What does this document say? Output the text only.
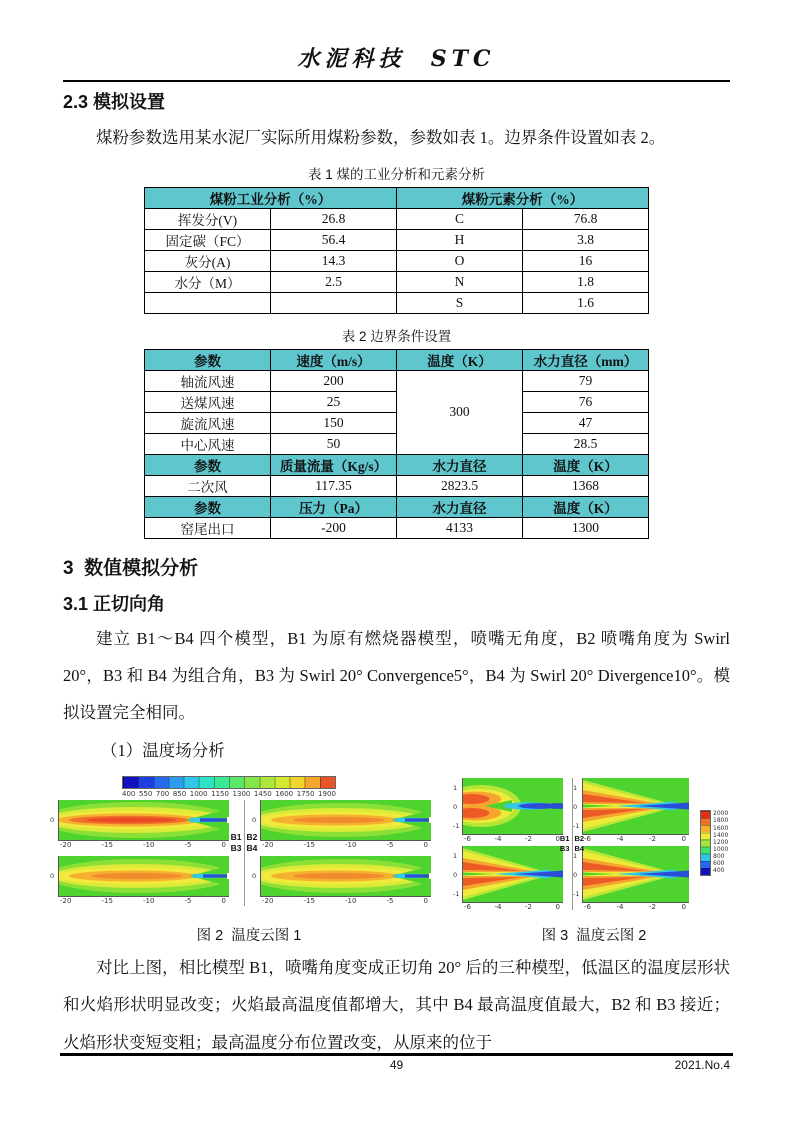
水泥科技  STC
2.3 模拟设置

煤粉参数选用某水泥厂实际所用煤粉参数，参数如表 1。边界条件设置如表 2。

表 1 煤的工业分析和元素分析
煤粉工业分析（%）		煤粉元素分析（%）	
挥发分(V)	26.8	C	76.8
固定碳（FC）	56.4	H	3.8
灰分(A)	14.3	O	16
水分（M）	2.5	N	1.8
		S	1.6
表 2 边界条件设置
参数	速度（m/s）	温度（K）	水力直径（mm）
轴流风速	200	300	79
送煤风速	25		76
旋流风速	150		47
中心风速	50		28.5
参数	质量流量（Kg/s）	水力直径	温度（K）
二次风	117.35	2823.5	1368
参数	压力（Pa）	水力直径	温度（K）
窑尾出口	-200	4133	1300
3  数值模拟分析
3.1 正切向角

建立 B1～B4 四个模型，B1 为原有燃烧器模型，喷嘴无角度，B2 喷嘴角度为 Swirl 20°，B3 和 B4 为组合角，B3 为 Swirl 20° Convergence5°，B4 为 Swirl 20° Divergence10°。模拟设置完全相同。

（1）温度场分析
400 550 700 850 1000 1150 1300 1450 1600 1750 1900
0
-20	-15	-10	-5	0
0
-20	-15	-10	-5	0
0
-20	-15	-10	-5	0
0
-20	-15	-10	-5	0
B1 B2
B3 B4
1
0
-1
-6	-4	-2	0
1
0
-1
-6	-4	-2	0
1
0
-1
-6	-4	-2	0
1
0
-1
-6	-4	-2	0
B1 B2
B3 B4
2000
1800
1600
1400
1200
1000
800
600
400
图 2  温度云图 1	图 3  温度云图 2

对比上图，相比模型 B1，喷嘴角度变成正切角 20° 后的三种模型，低温区的温度层形状和火焰形状明显改变；火焰最高温度值都增大，其中 B4 最高温度值最大，B2 和 B3 接近；火焰形状变短变粗；最高温度分布位置改变，从原来的位于

49	2021.No.4
